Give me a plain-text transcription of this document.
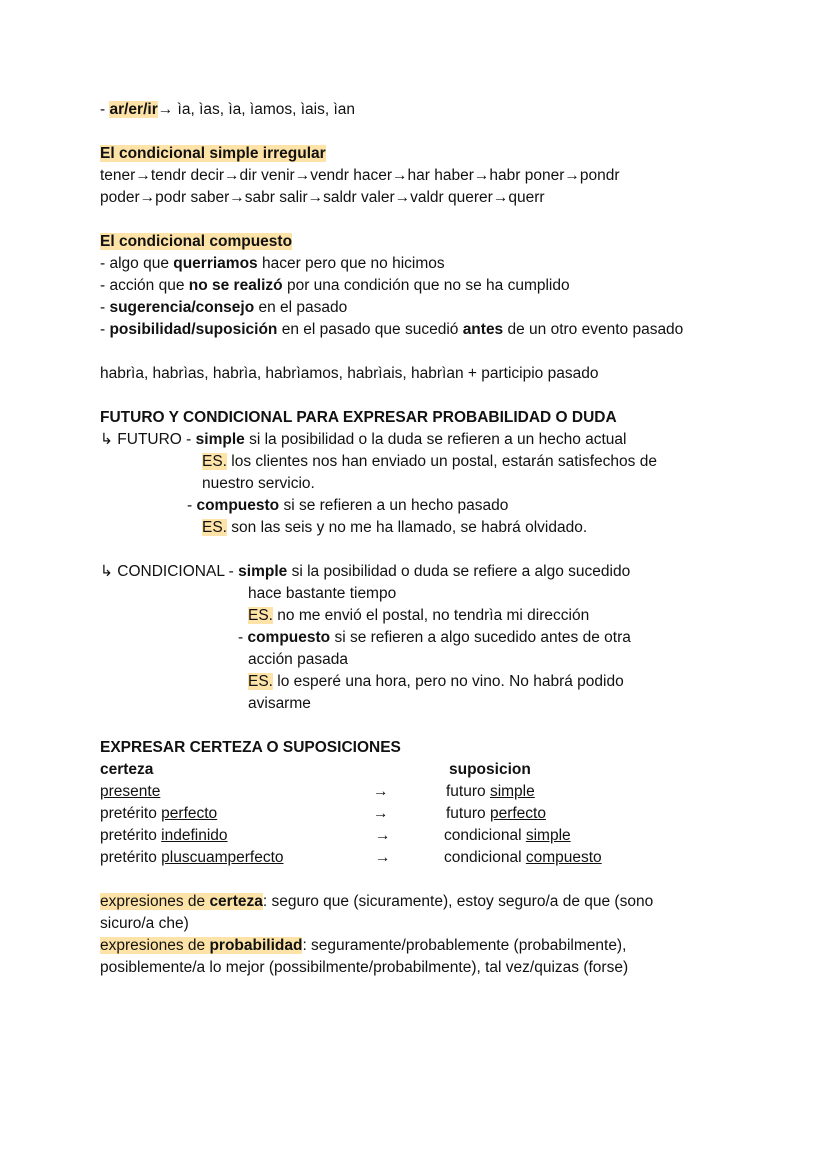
- ar/er/ir→ ìa, ìas, ìa, ìamos, ìais, ìan
El condicional simple irregular
tener→tendr decir→dir venir→vendr hacer→har haber→habr poner→pondr
poder→podr saber→sabr salir→saldr valer→valdr querer→querr
El condicional compuesto
- algo que querriamos hacer pero que no hicimos
- acción que no se realizó por una condición que no se ha cumplido
- sugerencia/consejo en el pasado
- posibilidad/suposición en el pasado que sucedió antes de un otro evento pasado
habrìa, habrìas, habrìa, habrìamos, habrìais, habrìan + participio pasado
FUTURO Y CONDICIONAL PARA EXPRESAR PROBABILIDAD O DUDA
↳ FUTURO - simple si la posibilidad o la duda se refieren a un hecho actual
ES. los clientes nos han enviado un postal, estarán satisfechos de
nuestro servicio.
- compuesto si se refieren a un hecho pasado
ES. son las seis y no me ha llamado, se habrá olvidado.
↳ CONDICIONAL - simple si la posibilidad o duda se refiere a algo sucedido
hace bastante tiempo
ES. no me envió el postal, no tendrìa mi dirección
- compuesto si se refieren a algo sucedido antes de otra
acción pasada
ES. lo esperé una hora, pero no vino. No habrá podido
avisarme
EXPRESAR CERTEZA O SUPOSICIONES
certeza	suposicion
presente	→	futuro simple
pretérito perfecto	→	futuro perfecto
pretérito indefinido	→	condicional simple
pretérito pluscuamperfecto	→	condicional compuesto
expresiones de certeza: seguro que (sicuramente), estoy seguro/a de que (sono
sicuro/a che)
expresiones de probabilidad: seguramente/probablemente (probabilmente),
posiblemente/a lo mejor (possibilmente/probabilmente), tal vez/quizas (forse)
